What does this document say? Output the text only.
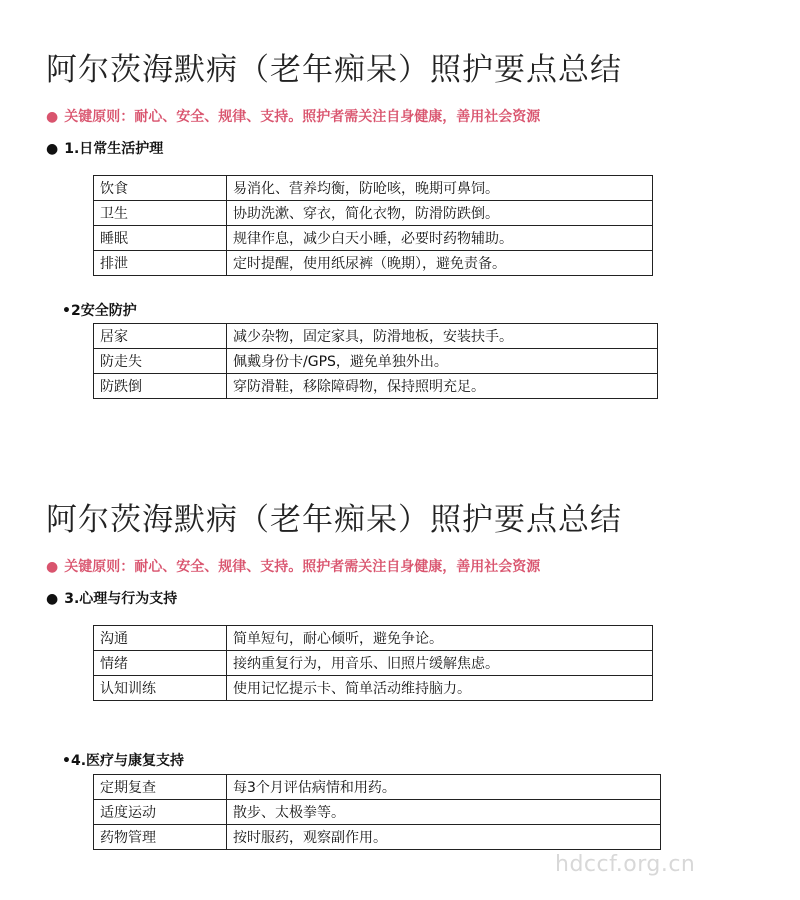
阿尔茨海默病（老年痴呆）照护要点总结
● 关键原则：耐心、安全、规律、支持。照护者需关注自身健康，善用社会资源
● 1.日常生活护理
饮食	易消化、营养均衡，防呛咳，晚期可鼻饲。
卫生	协助洗漱、穿衣，简化衣物，防滑防跌倒。
睡眠	规律作息，减少白天小睡，必要时药物辅助。
排泄	定时提醒，使用纸尿裤（晚期），避免责备。
•2安全防护
居家	减少杂物，固定家具，防滑地板，安装扶手。
防走失	佩戴身份卡/GPS，避免单独外出。
防跌倒	穿防滑鞋，移除障碍物，保持照明充足。
阿尔茨海默病（老年痴呆）照护要点总结
● 关键原则：耐心、安全、规律、支持。照护者需关注自身健康，善用社会资源
● 3.心理与行为支持
沟通	简单短句，耐心倾听，避免争论。
情绪	接纳重复行为，用音乐、旧照片缓解焦虑。
认知训练	使用记忆提示卡、简单活动维持脑力。
•4.医疗与康复支持
定期复查	每3个月评估病情和用药。
适度运动	散步、太极拳等。
药物管理	按时服药，观察副作用。
hdccf.org.cn
